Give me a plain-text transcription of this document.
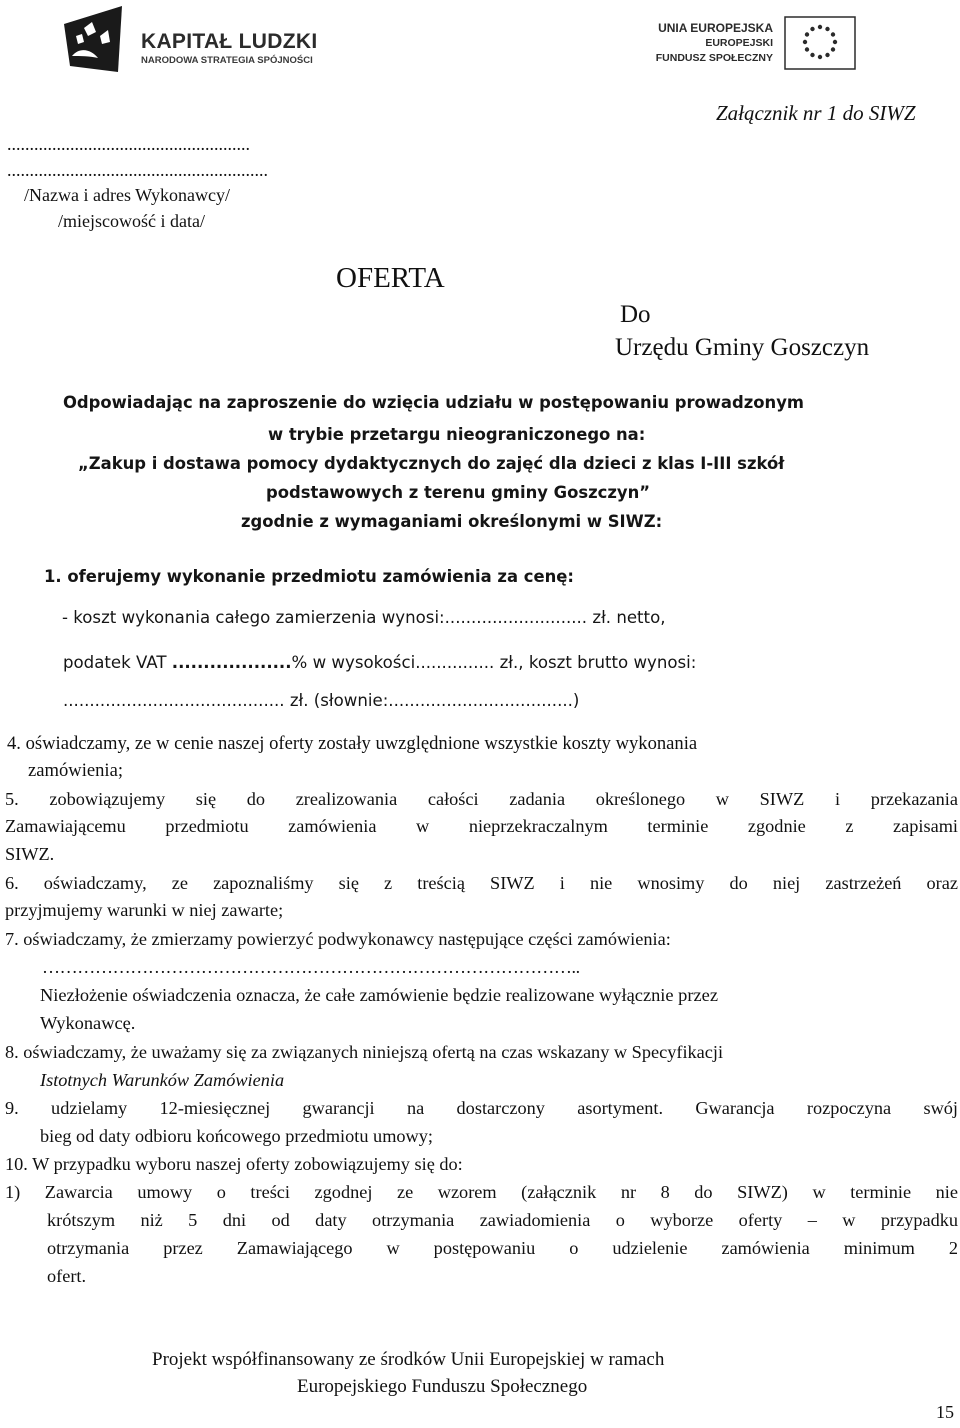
KAPITAŁ LUDZKI
NARODOWA STRATEGIA SPÓJNOŚCI
UNIA EUROPEJSKA
EUROPEJSKI
FUNDUSZ SPOŁECZNY
Załącznik nr 1 do SIWZ
......................................................
..........................................................
/Nazwa i adres Wykonawcy/
/miejscowość i data/
OFERTA
Do
Urzędu Gminy Goszczyn
Odpowiadając na zaproszenie do wzięcia udziału w postępowaniu prowadzonym
w trybie przetargu nieograniczonego na:
„Zakup i dostawa pomocy dydaktycznych do zajęć dla dzieci z klas I-III szkół
podstawowych z terenu gminy Goszczyn”
zgodnie z wymaganiami określonymi w SIWZ:
1. oferujemy wykonanie przedmiotu zamówienia za cenę:
- koszt wykonania całego zamierzenia wynosi:........................... zł. netto,
podatek VAT ...................% w wysokości............... zł., koszt brutto wynosi:
.......................................... zł. (słownie:...................................)
4. oświadczamy, ze w cenie naszej oferty zostały uwzględnione wszystkie koszty wykonania
zamówienia;
5. zobowiązujemy się do zrealizowania całości zadania określonego w SIWZ i przekazania
Zamawiającemu przedmiotu zamówienia w nieprzekraczalnym terminie zgodnie z zapisami
SIWZ.
6. oświadczamy, ze zapoznaliśmy się z treścią SIWZ i nie wnosimy do niej zastrzeżeń oraz
przyjmujemy warunki w niej zawarte;
7. oświadczamy, że zmierzamy powierzyć podwykonawcy następujące części zamówienia:
………………………………………………………………………………..
Niezłożenie oświadczenia oznacza, że całe zamówienie będzie realizowane wyłącznie przez
Wykonawcę.
8. oświadczamy, że uważamy się za związanych niniejszą ofertą na czas wskazany w Specyfikacji
Istotnych Warunków Zamówienia
9. udzielamy 12-miesięcznej gwarancji na dostarczony asortyment. Gwarancja rozpoczyna swój
bieg od daty odbioru końcowego przedmiotu umowy;
10. W przypadku wyboru naszej oferty zobowiązujemy się do:
1) Zawarcia umowy o treści zgodnej ze wzorem (załącznik nr 8 do SIWZ) w terminie nie
krótszym niż 5 dni od daty otrzymania zawiadomienia o wyborze oferty – w przypadku
otrzymania przez Zamawiającego w postępowaniu o udzielenie zamówienia minimum 2
ofert.
Projekt współfinansowany ze środków Unii Europejskiej w ramach
Europejskiego Funduszu Społecznego
15
